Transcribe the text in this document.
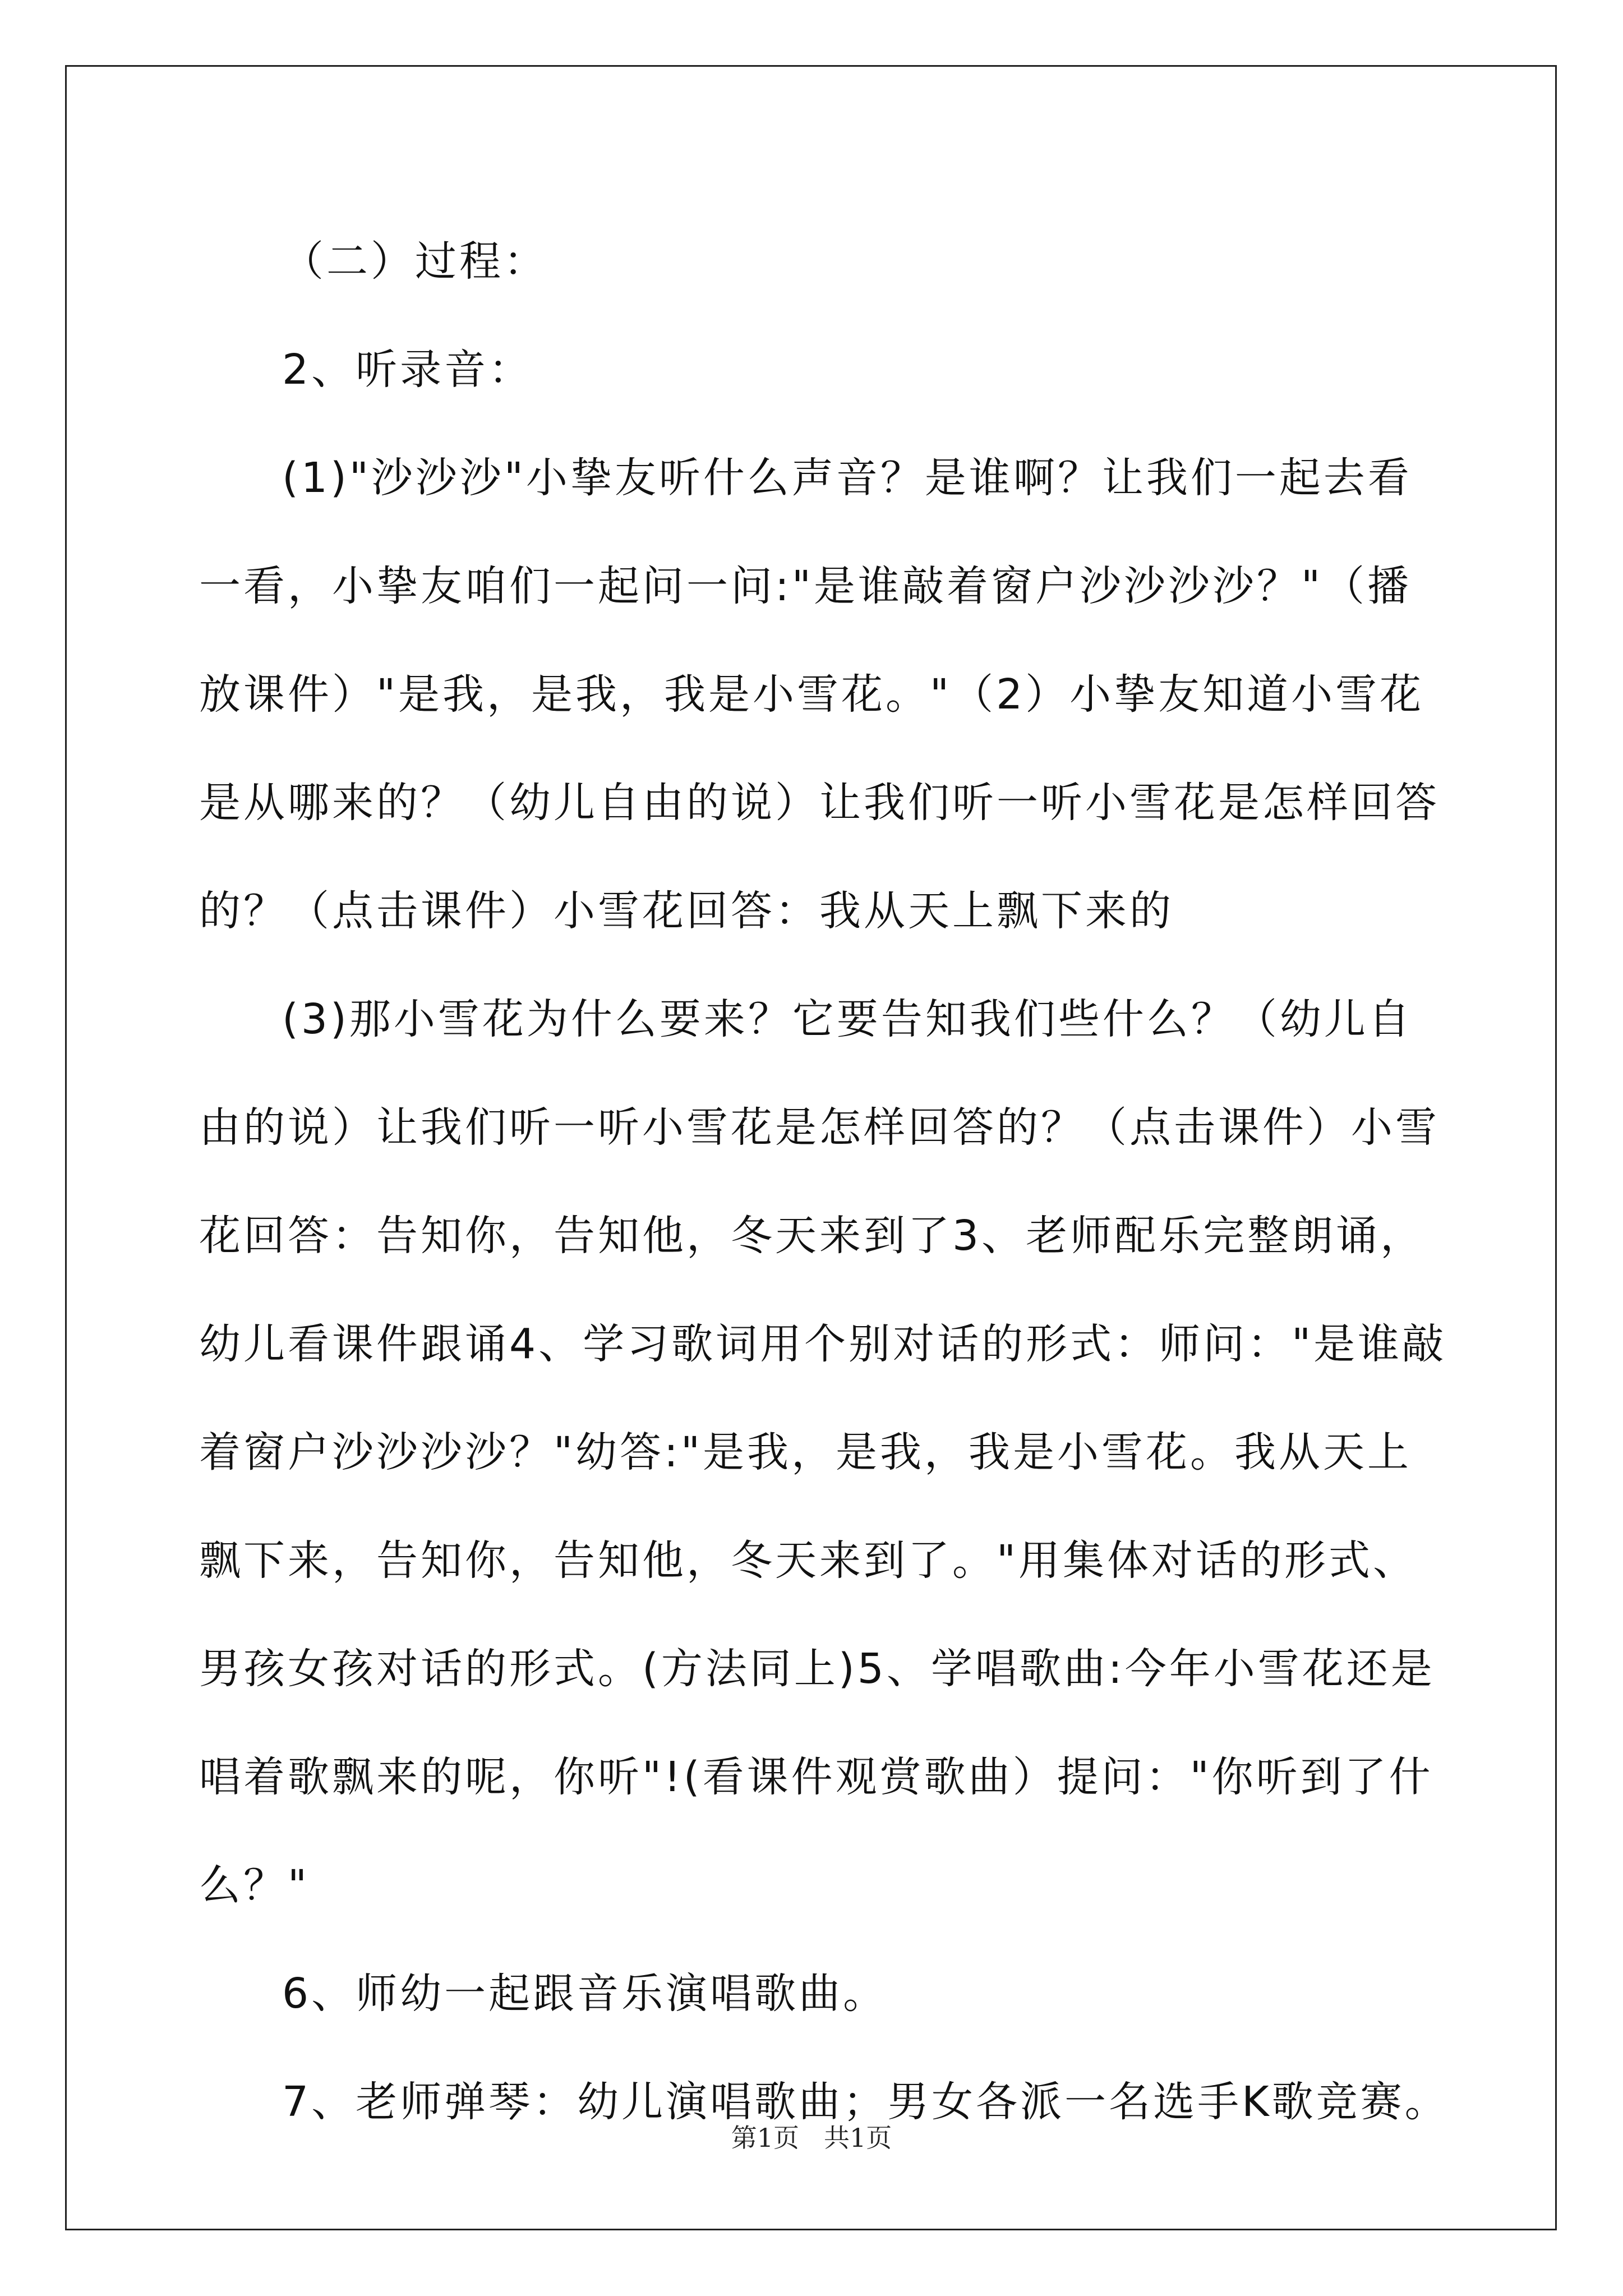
（二）过程：

2、听录音：

(1)"沙沙沙"小挚友听什么声音？是谁啊？让我们一起去看一看，小挚友咱们一起问一问:"是谁敲着窗户沙沙沙沙？"（播放课件）"是我，是我，我是小雪花。"（2）小挚友知道小雪花是从哪来的？（幼儿自由的说）让我们听一听小雪花是怎样回答的？（点击课件）小雪花回答：我从天上飘下来的

(3)那小雪花为什么要来？它要告知我们些什么？（幼儿自由的说）让我们听一听小雪花是怎样回答的？（点击课件）小雪花回答：告知你，告知他，冬天来到了3、老师配乐完整朗诵，幼儿看课件跟诵4、学习歌词用个别对话的形式：师问："是谁敲着窗户沙沙沙沙？"幼答:"是我，是我，我是小雪花。我从天上飘下来，告知你，告知他，冬天来到了。"用集体对话的形式、男孩女孩对话的形式。(方法同上)5、学唱歌曲:今年小雪花还是唱着歌飘来的呢，你听"!(看课件观赏歌曲）提问："你听到了什么？"

6、师幼一起跟音乐演唱歌曲。

7、老师弹琴：幼儿演唱歌曲；男女各派一名选手K歌竞赛。

第1页 共1页
